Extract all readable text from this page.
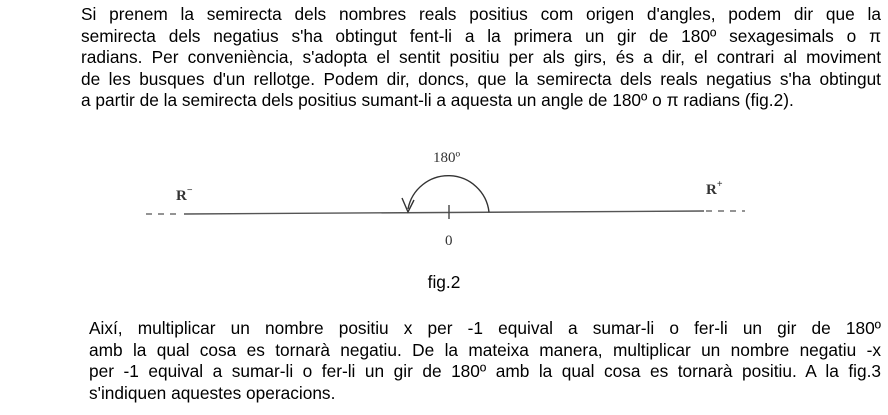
Si prenem la semirecta dels nombres reals positius com origen d'angles, podem dir que la
semirecta dels negatius s'ha obtingut fent-li a la primera un gir de 180º sexagesimals o π
radians. Per conveniència, s'adopta el sentit positiu per als girs, és a dir, el contrari al moviment
de les busques d'un rellotge. Podem dir, doncs, que la semirecta dels reals negatius s'ha obtingut
a partir de la semirecta dels positius sumant-li a aquesta un angle de 180º o π radians (fig.2).
180º
R−	R+
0
fig.2
Així, multiplicar un nombre positiu x per -1 equival a sumar-li o fer-li un gir de 180º
amb la qual cosa es tornarà negatiu. De la mateixa manera, multiplicar un nombre negatiu -x
per -1 equival a sumar-li o fer-li un gir de 180º amb la qual cosa es tornarà positiu. A la fig.3
s'indiquen aquestes operacions.
